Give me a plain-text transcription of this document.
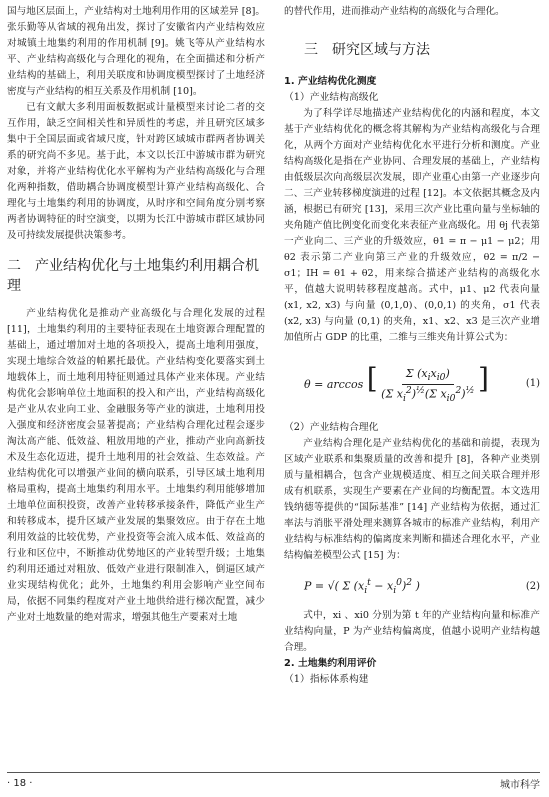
国与地区层面上，产业结构对土地利用作用的区域差异 [8]。张乐勤等从省域的视角出发，探讨了安徽省内产业结构效应对城镇土地集约利用的作用机制 [9]。姚飞等从产业结构水平、产业结构高级化与合理化的视角，在全面描述和分析产业结构的基础上，利用关联度和协调度模型探讨了土地经济密度与产业结构的相互关系及作用机制 [10]。

已有文献大多利用面板数据或计量模型来讨论二者的交互作用，缺乏空间相关性和异质性的考虑，并且研究区域多集中于全国层面或省域尺度，针对跨区域城市群两者协调关系的研究尚不多见。基于此，本文以长江中游城市群为研究对象，并将产业结构优化水平解构为产业结构高级化与合理化两种指数，借助耦合协调度模型计算产业结构高级化、合理化与土地集约利用的协调度，从时序和空间角度分别考察两者协调特征的时空演变，以期为长江中游城市群区域协同及可持续发展提供决策参考。

二　产业结构优化与土地集约利用耦合机理

产业结构优化是推动产业高级化与合理化发展的过程 [11]，土地集约利用的主要特征表现在土地资源合理配置的基础上，通过增加对土地的各项投入，提高土地利用强度，实现土地综合效益的帕累托最优。产业结构变化要落实到土地载体上，而土地利用特征则通过具体产业来体现。产业结构优化会影响单位土地面积的投入和产出，产业结构高级化是产业从农业向工业、金融服务等产业的演进，土地利用投入强度和经济密度会显著提高；产业结构合理化过程会逐步淘汰高产能、低效益、粗放用地的产业，推动产业向高新技术及生态化迈进，提升土地利用的社会效益、生态效益。产业结构优化可以增强产业间的横向联系，引导区域土地利用格局重构，提高土地集约利用水平。土地集约利用能够增加土地单位面积投资，改善产业转移承接条件，降低产业生产和转移成本，提升区域产业发展的集聚效应。由于存在土地利用效益的比较优势，产业投资等会流入成本低、效益高的行业和区位中，不断推动优势地区的产业转型升级；土地集约利用还通过对粗放、低效产业进行限制准入，倒逼区域产业实现结构优化；此外，土地集约利用会影响产业空间布局，依据不同集约程度对产业土地供给进行梯次配置，减少产业对土地数量的绝对需求，增强其他生产要素对土地

的替代作用，进而推动产业结构的高级化与合理化。

三　研究区域与方法
1. 产业结构优化测度
（1）产业结构高级化

为了科学详尽地描述产业结构优化的内涵和程度，本文基于产业结构优化的概念将其解构为产业结构高级化与合理化，从两个方面对产业结构优化水平进行分析和测度。产业结构高级化是指在产业协同、合理发展的基础上，产业结构由低级层次向高级层次发展，即产业重心由第一产业逐步向二、三产业转移梯度演进的过程 [12]。本文依据其概念及内涵，根据已有研究 [13]，采用三次产业比重向量与坐标轴的夹角随产值比例变化而变化来表征产业高级化。用 θj 代表第一产业向二、三产业的升级效应，θ1 = π − μ1 − μ2；用 θ2 表示第二产业向第三产业的升级效应，θ2 = π/2 − σ1；IH = θ1 + θ2，用来综合描述产业结构的高级化水平，值越大说明转移程度越高。式中，μ1、μ2 代表向量 (x1, x2, x3) 与向量 (0,1,0)、(0,0,1) 的夹角，σ1 代表 (x2, x3) 与向量 (0,1) 的夹角，x1、x2、x3 是三次产业增加值所占 GDP 的比重，二维与三维夹角计算公式为：

θ = arccos [ $\frac{\Sigma (x_ix_{i0})}{(\Sigma x_i^2)^{\frac{1}{2}}(\Sigma x_{i0}^2)^{\frac{1}{2}}}$ ]	(1)
（2）产业结构合理化

产业结构合理化是产业结构优化的基础和前提，表现为区域产业联系和集聚质量的改善和提升 [8]，各种产业类别质与量相耦合，包含产业规模适度、相互之间关联合理并形成有机联系，实现生产要素在产业间的均衡配置。本文选用钱纳德等提供的“国际基准” [14] 产业结构为依据，通过汇率法与消胀平滑处理来测算各城市的标准产业结构，利用产业结构与标准结构的偏离度来判断和描述合理化水平，产业结构偏差模型公式 [15] 为：

P = √( Σ $(x_i^t - x_i^0)^2$ )	(2)

式中，xi 、xi0 分别为第 t 年的产业结构向量和标准产业结构向量，P 为产业结构偏离度，值越小说明产业结构越合理。

2. 土地集约利用评价
（1）指标体系构建
· 18 ·	城市科学
